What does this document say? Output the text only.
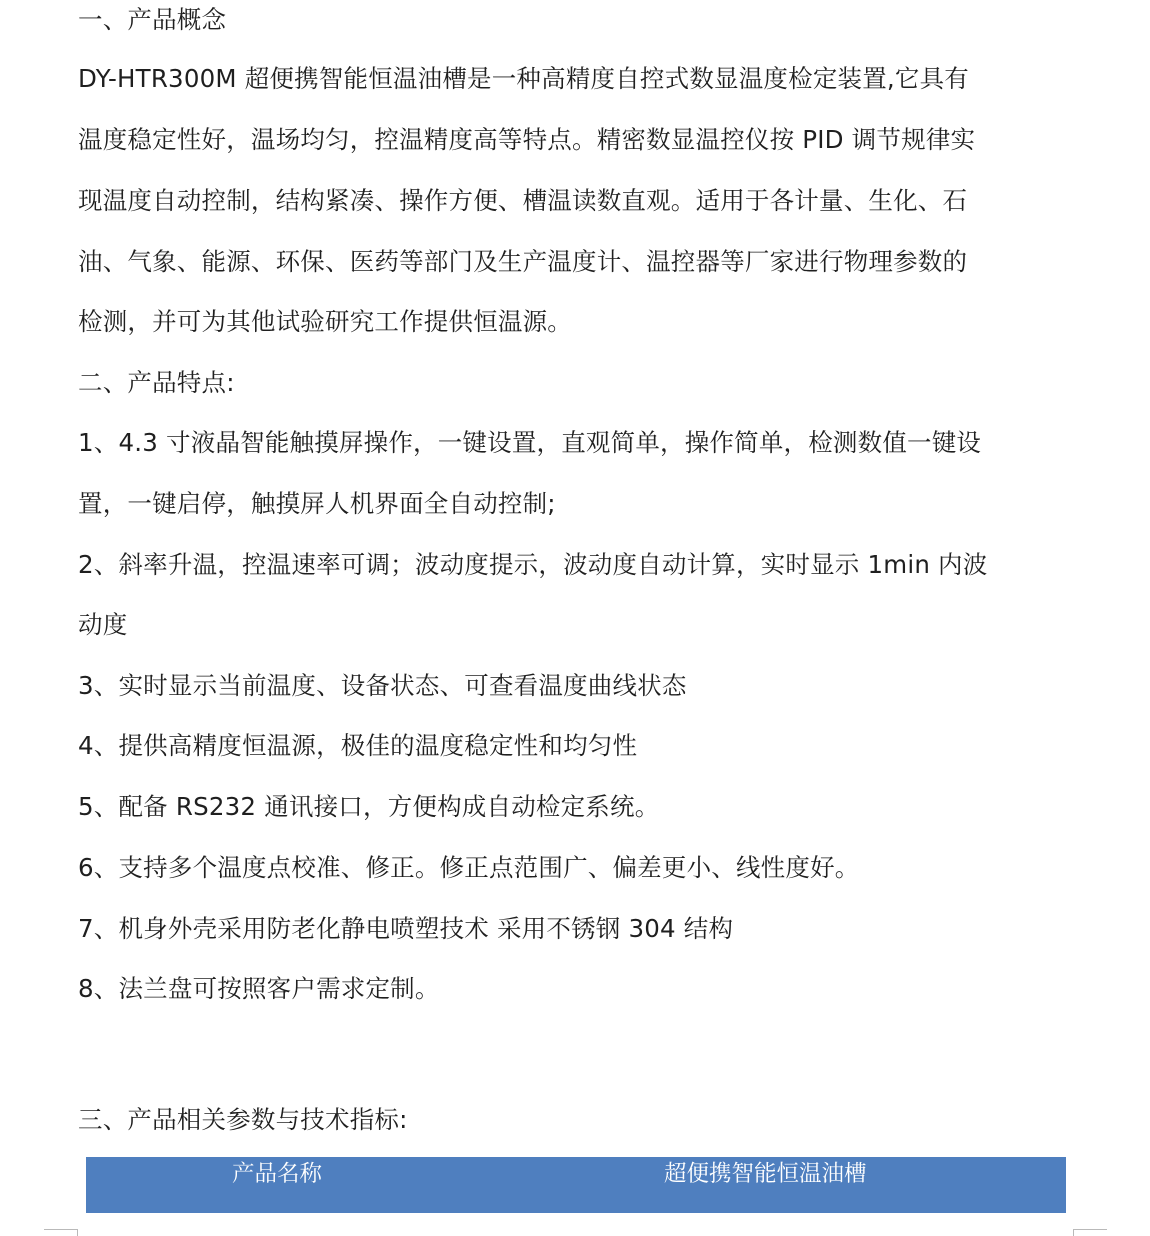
一、产品概念
DY-HTR300M 超便携智能恒温油槽是一种高精度自控式数显温度检定装置,它具有
温度稳定性好，温场均匀，控温精度高等特点。精密数显温控仪按 PID 调节规律实
现温度自动控制，结构紧凑、操作方便、槽温读数直观。适用于各计量、生化、石
油、气象、能源、环保、医药等部门及生产温度计、温控器等厂家进行物理参数的
检测，并可为其他试验研究工作提供恒温源。
二、产品特点:
1、4.3 寸液晶智能触摸屏操作，一键设置，直观简单，操作简单，检测数值一键设
置，一键启停，触摸屏人机界面全自动控制;
2、斜率升温，控温速率可调；波动度提示，波动度自动计算，实时显示 1min 内波
动度
3、实时显示当前温度、设备状态、可查看温度曲线状态
4、提供高精度恒温源，极佳的温度稳定性和均匀性
5、配备 RS232 通讯接口，方便构成自动检定系统。
6、支持多个温度点校准、修正。修正点范围广、偏差更小、线性度好。
7、机身外壳采用防老化静电喷塑技术 采用不锈钢 304 结构
8、法兰盘可按照客户需求定制。
三、产品相关参数与技术指标:
产品名称	超便携智能恒温油槽
